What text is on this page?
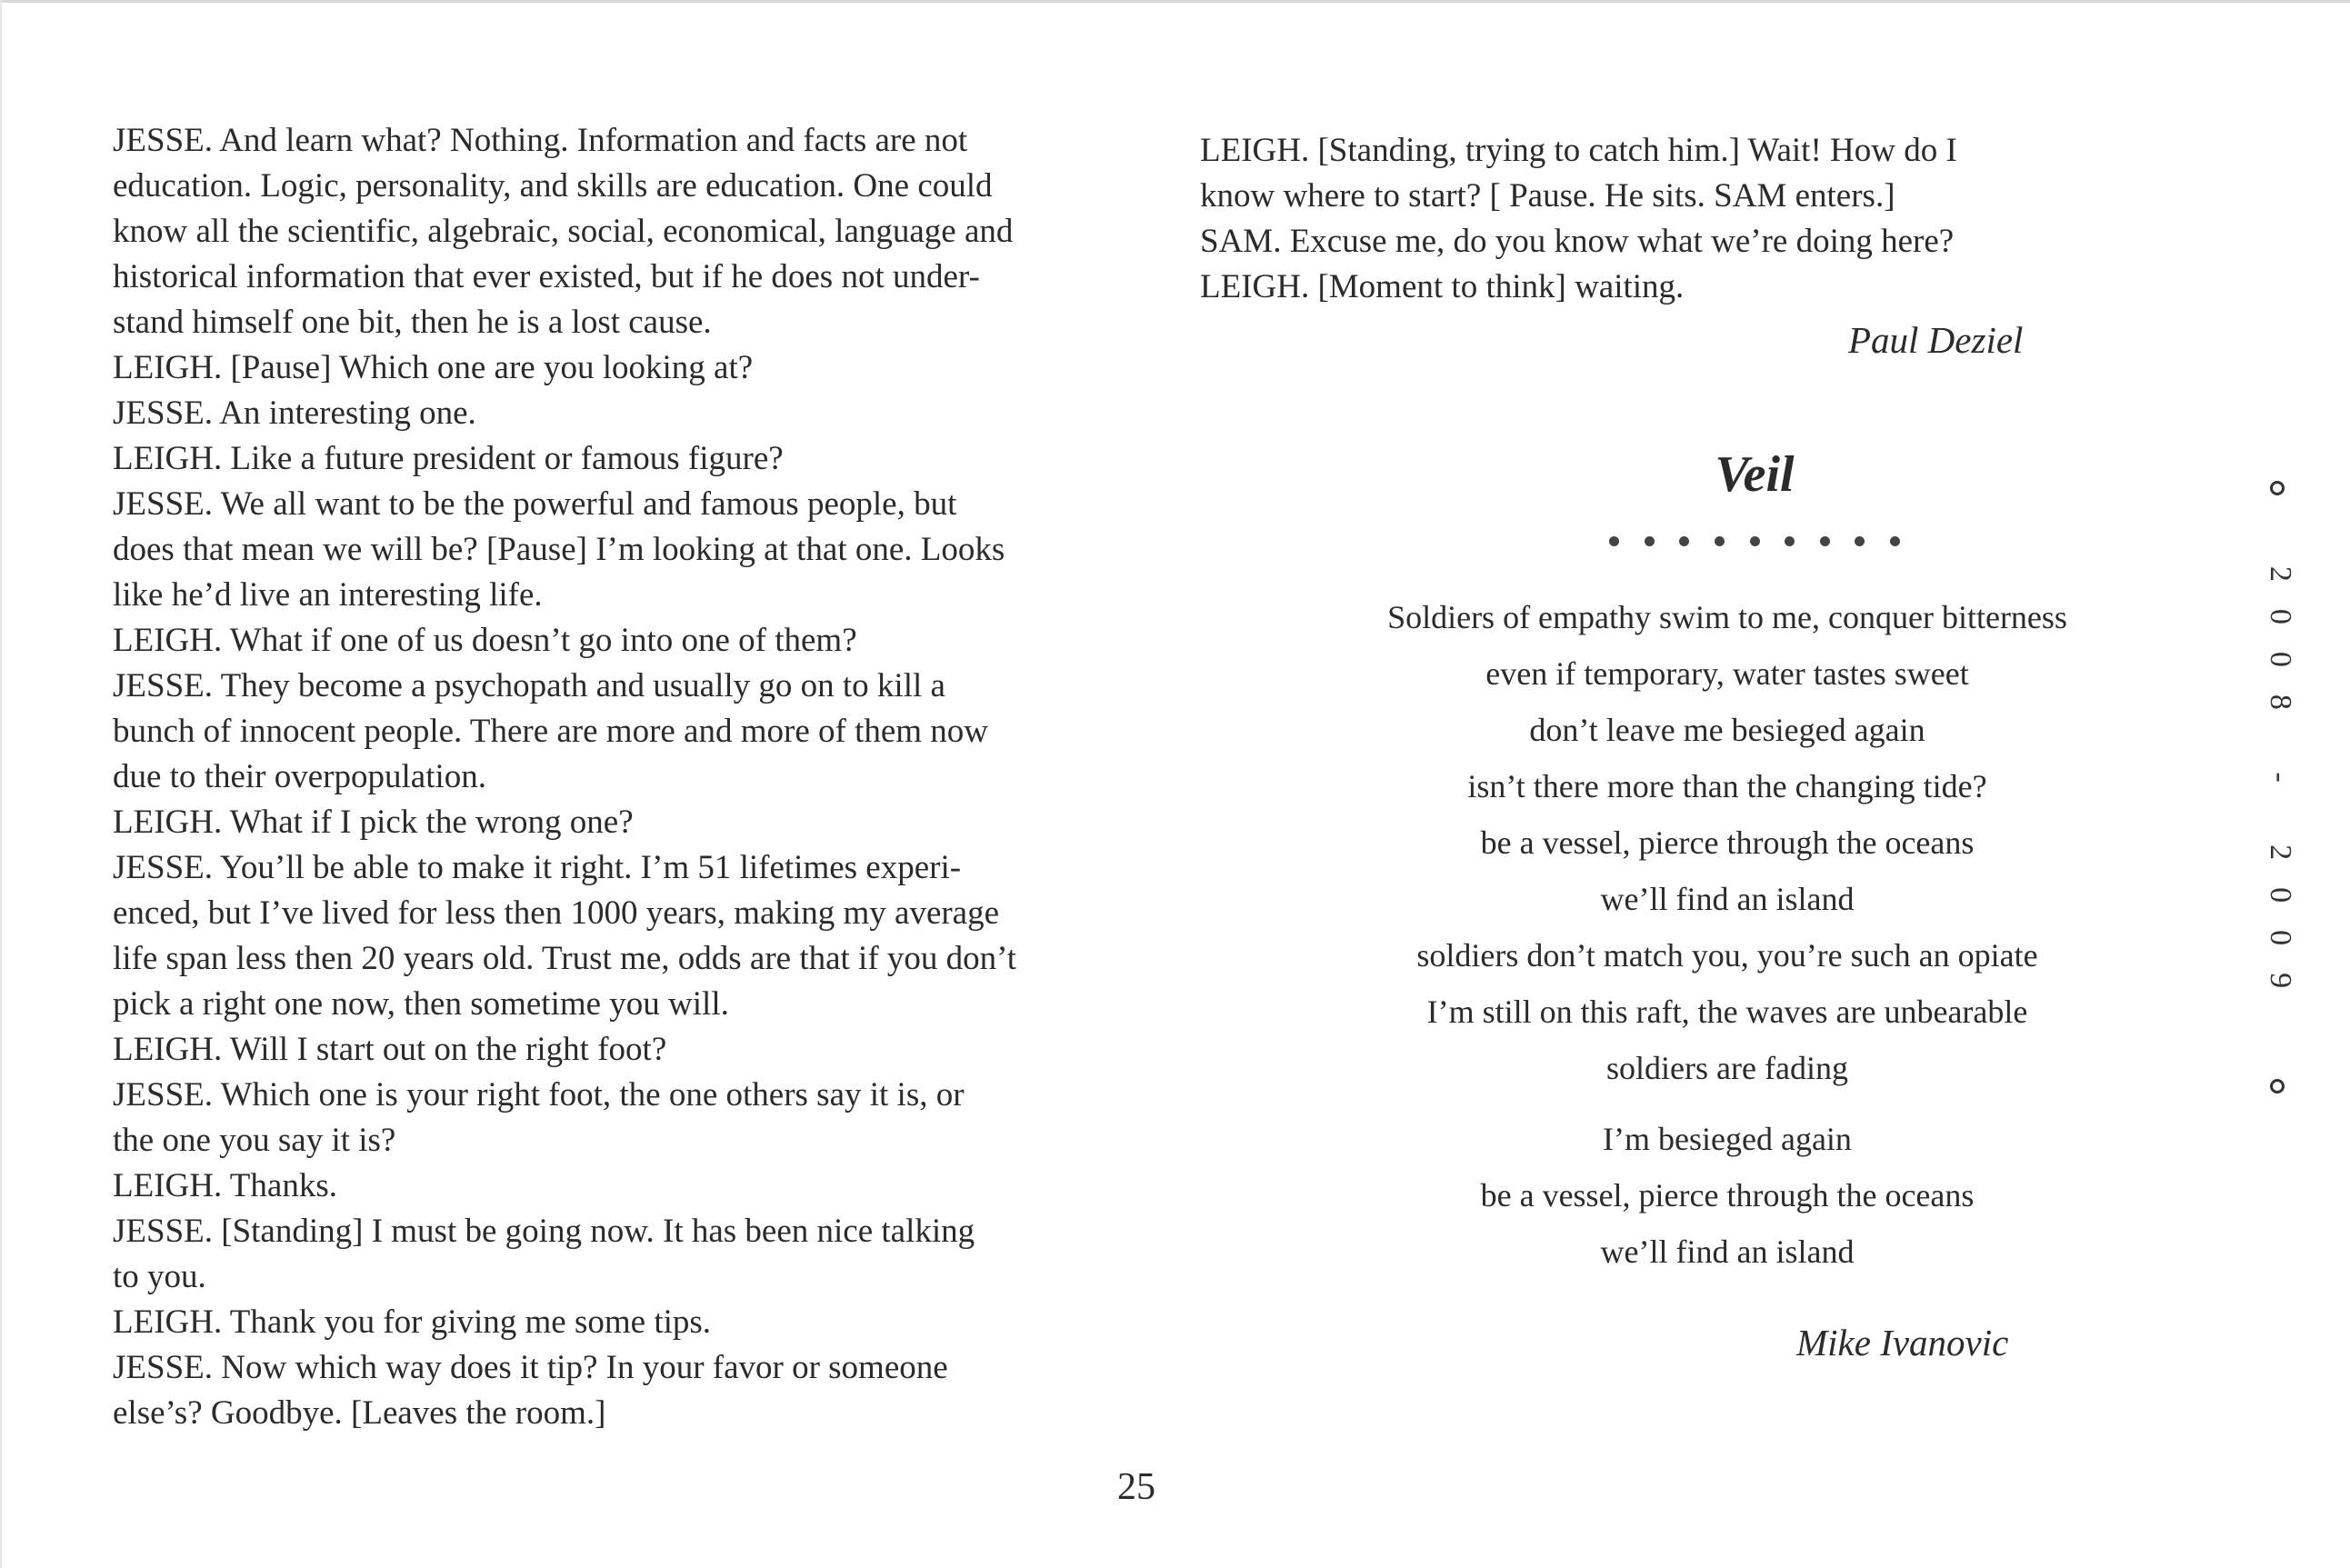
JESSE. And learn what? Nothing. Information and facts are not
education. Logic, personality, and skills are education. One could
know all the scientific, algebraic, social, economical, language and
historical information that ever existed, but if he does not under-
stand himself one bit, then he is a lost cause.
LEIGH. [Pause] Which one are you looking at?
JESSE. An interesting one.
LEIGH. Like a future president or famous figure?
JESSE. We all want to be the powerful and famous people, but
does that mean we will be? [Pause] I’m looking at that one. Looks
like he’d live an interesting life.
LEIGH. What if one of us doesn’t go into one of them?
JESSE. They become a psychopath and usually go on to kill a
bunch of innocent people. There are more and more of them now
due to their overpopulation.
LEIGH. What if I pick the wrong one?
JESSE. You’ll be able to make it right. I’m 51 lifetimes experi-
enced, but I’ve lived for less then 1000 years, making my average
life span less then 20 years old. Trust me, odds are that if you don’t
pick a right one now, then sometime you will.
LEIGH. Will I start out on the right foot?
JESSE. Which one is your right foot, the one others say it is, or
the one you say it is?
LEIGH. Thanks.
JESSE. [Standing] I must be going now. It has been nice talking
to you.
LEIGH. Thank you for giving me some tips.
JESSE. Now which way does it tip? In your favor or someone
else’s? Goodbye. [Leaves the room.]
LEIGH. [Standing, trying to catch him.] Wait! How do I
know where to start? [ Pause. He sits. SAM enters.]
SAM. Excuse me, do you know what we’re doing here?
LEIGH. [Moment to think] waiting.
Paul Deziel
Veil
Soldiers of empathy swim to me, conquer bitterness
even if temporary, water tastes sweet
don’t leave me besieged again
isn’t there more than the changing tide?
be a vessel, pierce through the oceans
we’ll find an island
soldiers don’t match you, you’re such an opiate
I’m still on this raft, the waves are unbearable
soldiers are fading
I’m besieged again
be a vessel, pierce through the oceans
we’ll find an island
Mike Ivanovic
25
2008 - 2009
